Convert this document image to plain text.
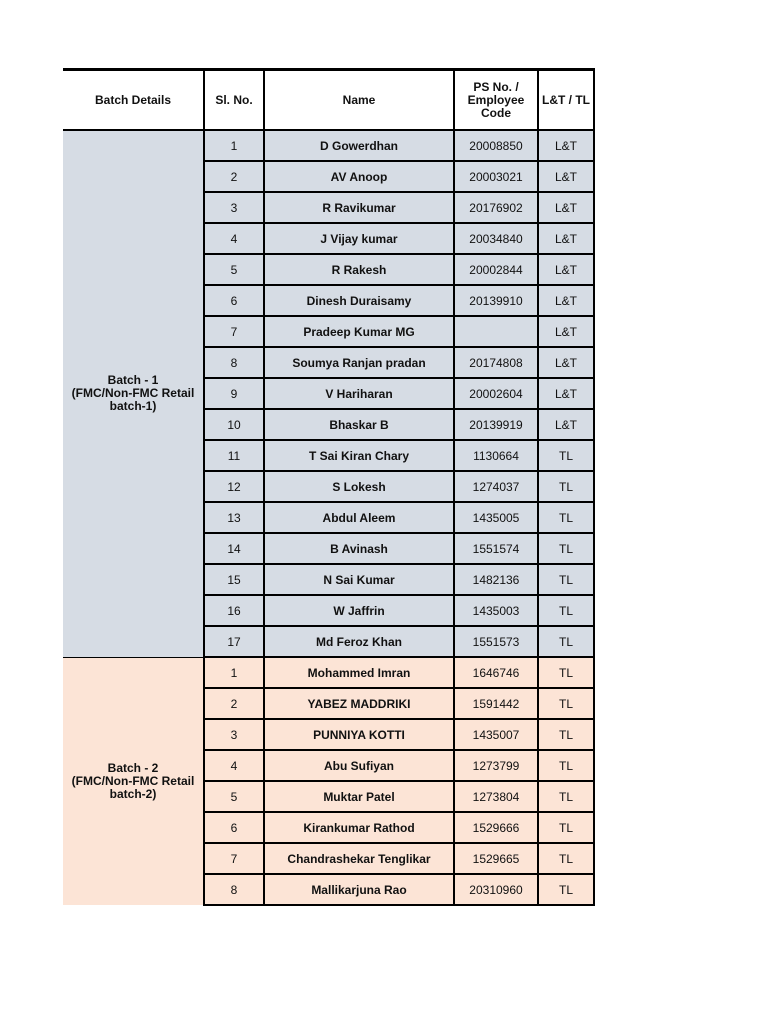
Batch Details	Sl. No.	Name	PS No. /
Employee
Code	L&T / TL
Batch - 1
(FMC/Non-FMC Retail
batch-1)	1	D Gowerdhan	20008850	L&T
	2	AV Anoop	20003021	L&T
	3	R Ravikumar	20176902	L&T
	4	J Vijay kumar	20034840	L&T
	5	R Rakesh	20002844	L&T
	6	Dinesh Duraisamy	20139910	L&T
	7	Pradeep Kumar MG		L&T
	8	Soumya Ranjan pradan	20174808	L&T
	9	V Hariharan	20002604	L&T
	10	Bhaskar B	20139919	L&T
	11	T Sai Kiran Chary	1130664	TL
	12	S Lokesh	1274037	TL
	13	Abdul Aleem	1435005	TL
	14	B Avinash	1551574	TL
	15	N Sai Kumar	1482136	TL
	16	W Jaffrin	1435003	TL
	17	Md Feroz Khan	1551573	TL
Batch - 2
(FMC/Non-FMC Retail
batch-2)	1	Mohammed Imran	1646746	TL
	2	YABEZ MADDRIKI	1591442	TL
	3	PUNNIYA KOTTI	1435007	TL
	4	Abu Sufiyan	1273799	TL
	5	Muktar Patel	1273804	TL
	6	Kirankumar Rathod	1529666	TL
	7	Chandrashekar Tenglikar	1529665	TL
	8	Mallikarjuna Rao	20310960	TL
